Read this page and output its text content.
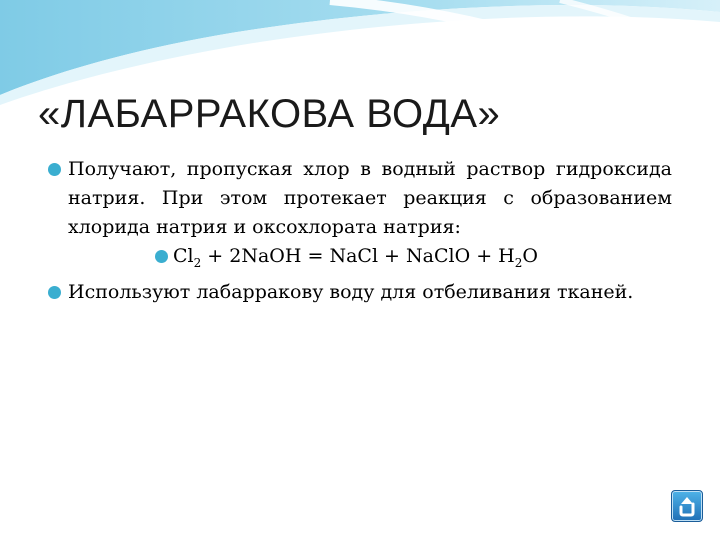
«ЛАБАРРАКОВА ВОДА»
Получают, пропуская хлор в водный раствор гидроксида натрия. При этом протекает реакция с образованием хлорида натрия и оксохлората натрия:
$Cl_2$ + 2NaOH = NaCl + NaClO + $H_2O$
Используют лабарракову воду для отбеливания тканей.
